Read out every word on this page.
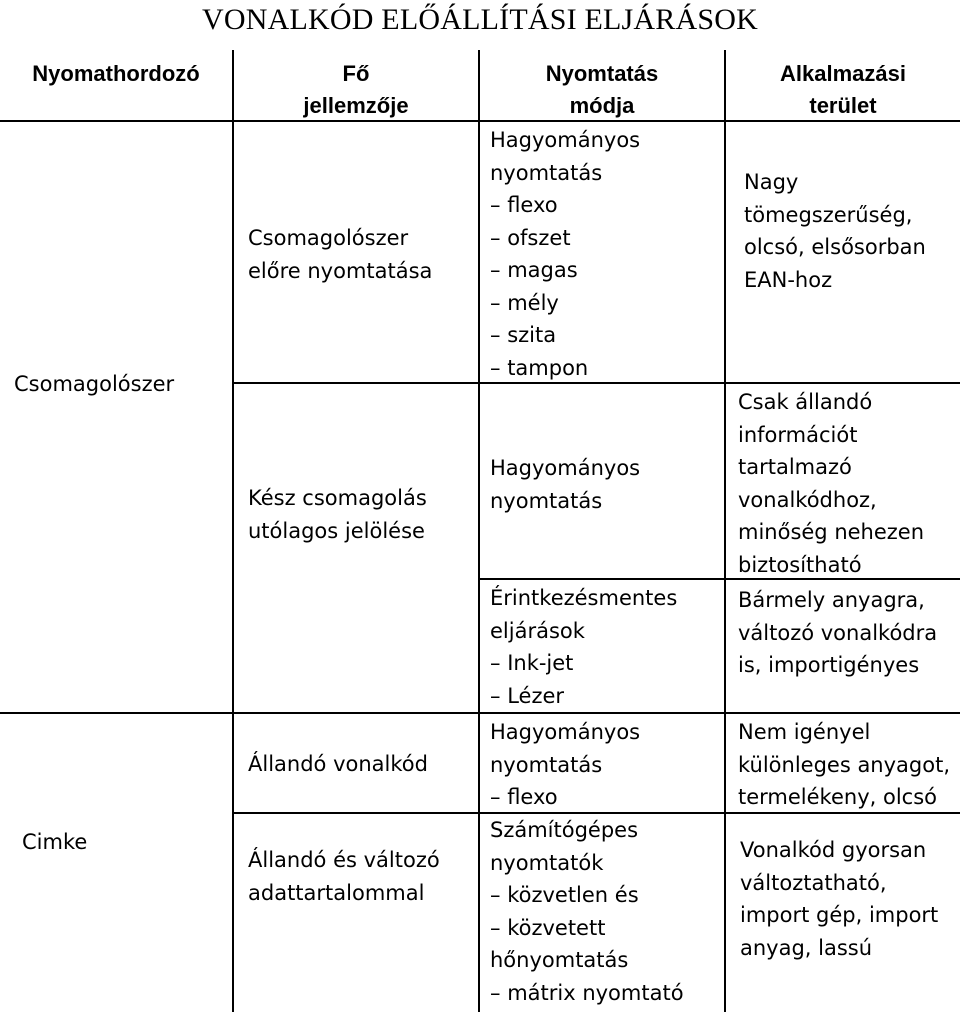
VONALKÓD ELŐÁLLÍTÁSI ELJÁRÁSOK
Nyomathordozó	Fő
jellemzője
Nyomtatás
módja
Alkalmazási
terület
Csomagolószer
Cimke
Csomagolószer
előre nyomtatása
Hagyományos
nyomtatás
– flexo
– ofszet
– magas
– mély
– szita
– tampon
Nagy
tömegszerűség,
olcsó, elsősorban
EAN-hoz
Kész csomagolás
utólagos jelölése
Hagyományos
nyomtatás
Csak állandó
információt
tartalmazó
vonalkódhoz,
minőség nehezen
biztosítható
Érintkezésmentes
eljárások
– Ink-jet
– Lézer
Bármely anyagra,
változó vonalkódra
is, importigényes
Állandó vonalkód
Hagyományos
nyomtatás
– flexo
Nem igényel
különleges anyagot,
termelékeny, olcsó
Állandó és változó
adattartalommal
Számítógépes
nyomtatók
– közvetlen és
– közvetett
hőnyomtatás
– mátrix nyomtató
Vonalkód gyorsan
változtatható,
import gép, import
anyag, lassú
